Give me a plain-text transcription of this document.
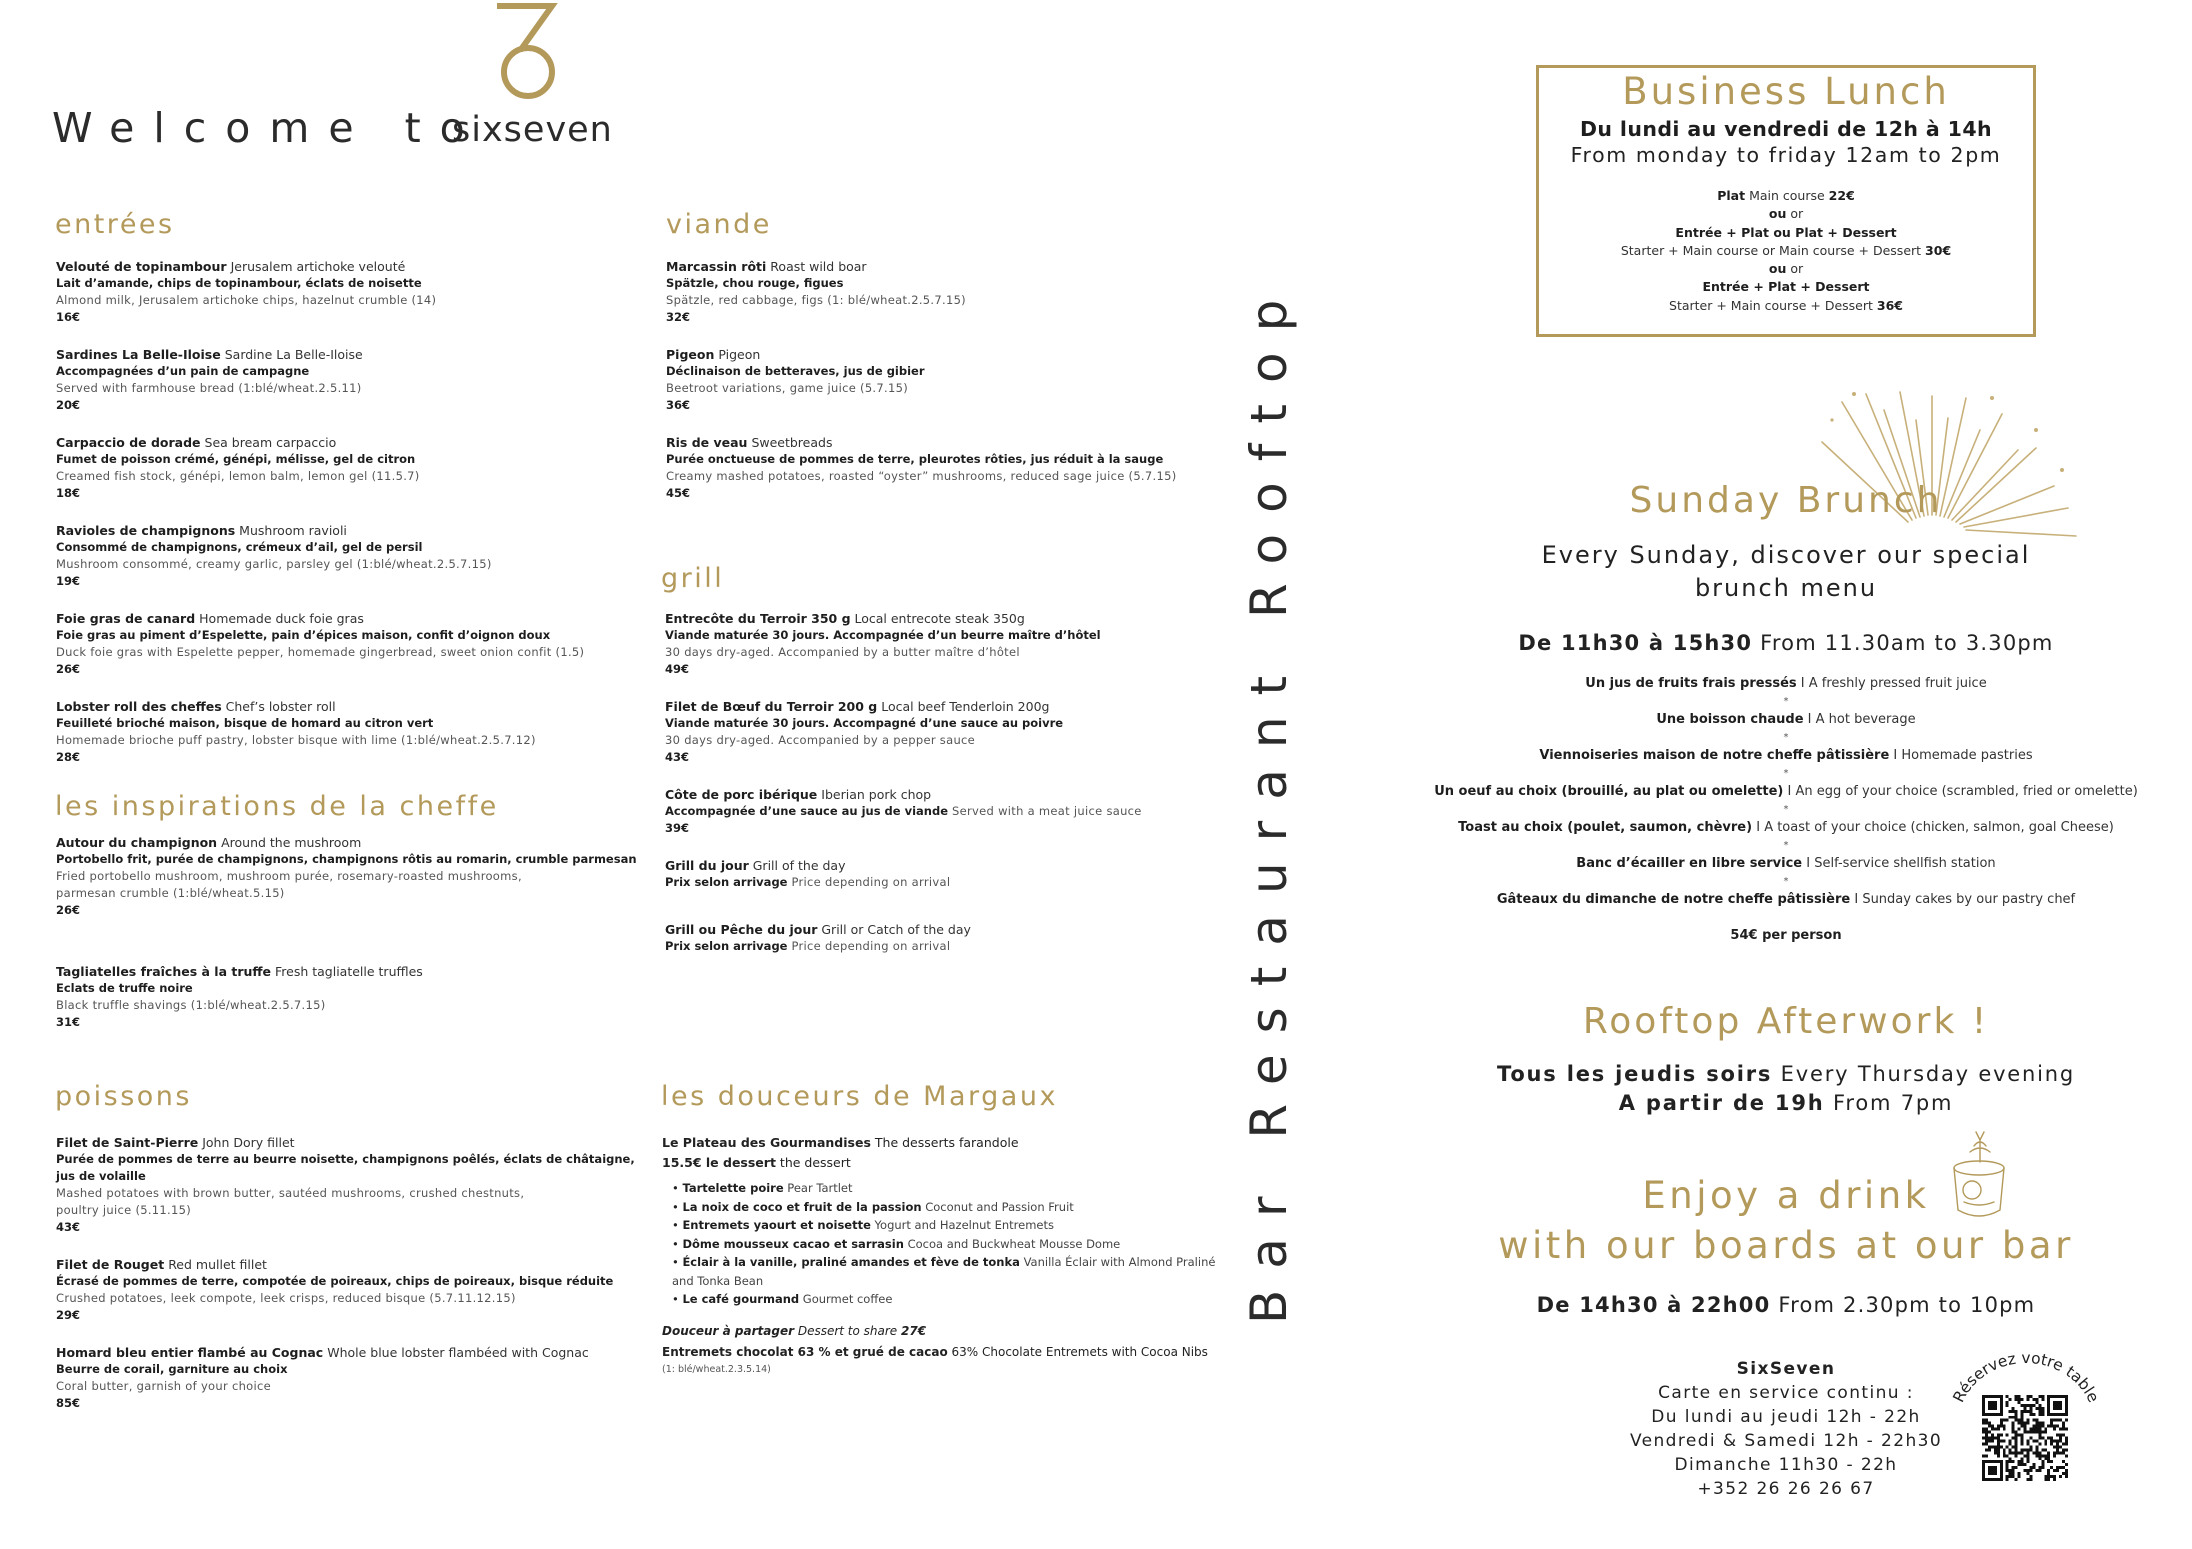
Welcome to
sixseven
entrées
Velouté de topinambour Jerusalem artichoke velouté
Lait d’amande, chips de topinambour, éclats de noisette
Almond milk, Jerusalem artichoke chips, hazelnut crumble (14)
16€
Sardines La Belle-Iloise Sardine La Belle-Iloise
Accompagnées d’un pain de campagne
Served with farmhouse bread (1:blé/wheat.2.5.11)
20€
Carpaccio de dorade Sea bream carpaccio
Fumet de poisson crémé, génépi, mélisse, gel de citron
Creamed fish stock, génépi, lemon balm, lemon gel (11.5.7)
18€
Ravioles de champignons Mushroom ravioli
Consommé de champignons, crémeux d’ail, gel de persil
Mushroom consommé, creamy garlic, parsley gel (1:blé/wheat.2.5.7.15)
19€
Foie gras de canard Homemade duck foie gras
Foie gras au piment d’Espelette, pain d’épices maison, confit d’oignon doux
Duck foie gras with Espelette pepper, homemade gingerbread, sweet onion confit (1.5)
26€
Lobster roll des cheffes Chef’s lobster roll
Feuilleté brioché maison, bisque de homard au citron vert
Homemade brioche puff pastry, lobster bisque with lime (1:blé/wheat.2.5.7.12)
28€
les inspirations de la cheffe
Autour du champignon Around the mushroom
Portobello frit, purée de champignons, champignons rôtis au romarin, crumble parmesan
Fried portobello mushroom, mushroom purée, rosemary-roasted mushrooms,
parmesan crumble (1:blé/wheat.5.15)
26€
Tagliatelles fraîches à la truffe Fresh tagliatelle truffles
Eclats de truffe noire
Black truffle shavings (1:blé/wheat.2.5.7.15)
31€
poissons
Filet de Saint-Pierre John Dory fillet
Purée de pommes de terre au beurre noisette, champignons poêlés, éclats de châtaigne,
jus de volaille
Mashed potatoes with brown butter, sautéed mushrooms, crushed chestnuts,
poultry juice (5.11.15)
43€
Filet de Rouget Red mullet fillet
Écrasé de pommes de terre, compotée de poireaux, chips de poireaux, bisque réduite
Crushed potatoes, leek compote, leek crisps, reduced bisque (5.7.11.12.15)
29€
Homard bleu entier flambé au Cognac Whole blue lobster flambéed with Cognac
Beurre de corail, garniture au choix
Coral butter, garnish of your choice
85€
viande
Marcassin rôti Roast wild boar
Spätzle, chou rouge, figues
Spätzle, red cabbage, figs (1: blé/wheat.2.5.7.15)
32€
Pigeon Pigeon
Déclinaison de betteraves, jus de gibier
Beetroot variations, game juice (5.7.15)
36€
Ris de veau Sweetbreads
Purée onctueuse de pommes de terre, pleurotes rôties, jus réduit à la sauge
Creamy mashed potatoes, roasted “oyster” mushrooms, reduced sage juice (5.7.15)
45€
grill
Entrecôte du Terroir 350 g Local entrecote steak 350g
Viande maturée 30 jours. Accompagnée d’un beurre maître d’hôtel
30 days dry-aged. Accompanied by a butter maître d’hôtel
49€
Filet de Bœuf du Terroir 200 g Local beef Tenderloin 200g
Viande maturée 30 jours. Accompagné d’une sauce au poivre
30 days dry-aged. Accompanied by a pepper sauce
43€
Côte de porc ibérique Iberian pork chop
Accompagnée d’une sauce au jus de viande Served with a meat juice sauce
39€
Grill du jour Grill of the day
Prix selon arrivage Price depending on arrival
Grill ou Pêche du jour Grill or Catch of the day
Prix selon arrivage Price depending on arrival
les douceurs de Margaux
Le Plateau des Gourmandises The desserts farandole
15.5€ le dessert the dessert
• Tartelette poire Pear Tartlet
• La noix de coco et fruit de la passion Coconut and Passion Fruit
• Entremets yaourt et noisette Yogurt and Hazelnut Entremets
• Dôme mousseux cacao et sarrasin Cocoa and Buckwheat Mousse Dome
• Éclair à la vanille, praliné amandes et fève de tonka Vanilla Éclair with Almond Praliné and Tonka Bean
• Le café gourmand Gourmet coffee
Douceur à partager Dessert to share 27€
Entremets chocolat 63 % et grué de cacao 63% Chocolate Entremets with Cocoa Nibs
(1: blé/wheat.2.3.5.14)
Bar Restaurant Rooftop
Business Lunch
Du lundi au vendredi de 12h à 14h
From monday to friday 12am to 2pm
Plat Main course 22€
ou or
Entrée + Plat ou Plat + Dessert
Starter + Main course or Main course + Dessert 30€
ou or
Entrée + Plat + Dessert
Starter + Main course + Dessert 36€
Sunday Brunch
Every Sunday, discover our special
brunch menu
De 11h30 à 15h30 From 11.30am to 3.30pm
Un jus de fruits frais pressés I A freshly pressed fruit juice
*
Une boisson chaude I A hot beverage
*
Viennoiseries maison de notre cheffe pâtissière I Homemade pastries
*
Un oeuf au choix (brouillé, au plat ou omelette) I An egg of your choice (scrambled, fried or omelette)
*
Toast au choix (poulet, saumon, chèvre) I A toast of your choice (chicken, salmon, goal Cheese)
*
Banc d’écailler en libre service I Self-service shellfish station
*
Gâteaux du dimanche de notre cheffe pâtissière I Sunday cakes by our pastry chef
54€ per person
Rooftop Afterwork !
Tous les jeudis soirs Every Thursday evening
A partir de 19h From 7pm
Enjoy a drink
with our boards at our bar
De 14h30 à 22h00 From 2.30pm to 10pm
SixSeven
Carte en service continu :
Du lundi au jeudi 12h - 22h
Vendredi & Samedi 12h - 22h30
Dimanche 11h30 - 22h
+352 26 26 26 67
Réservez votre table
